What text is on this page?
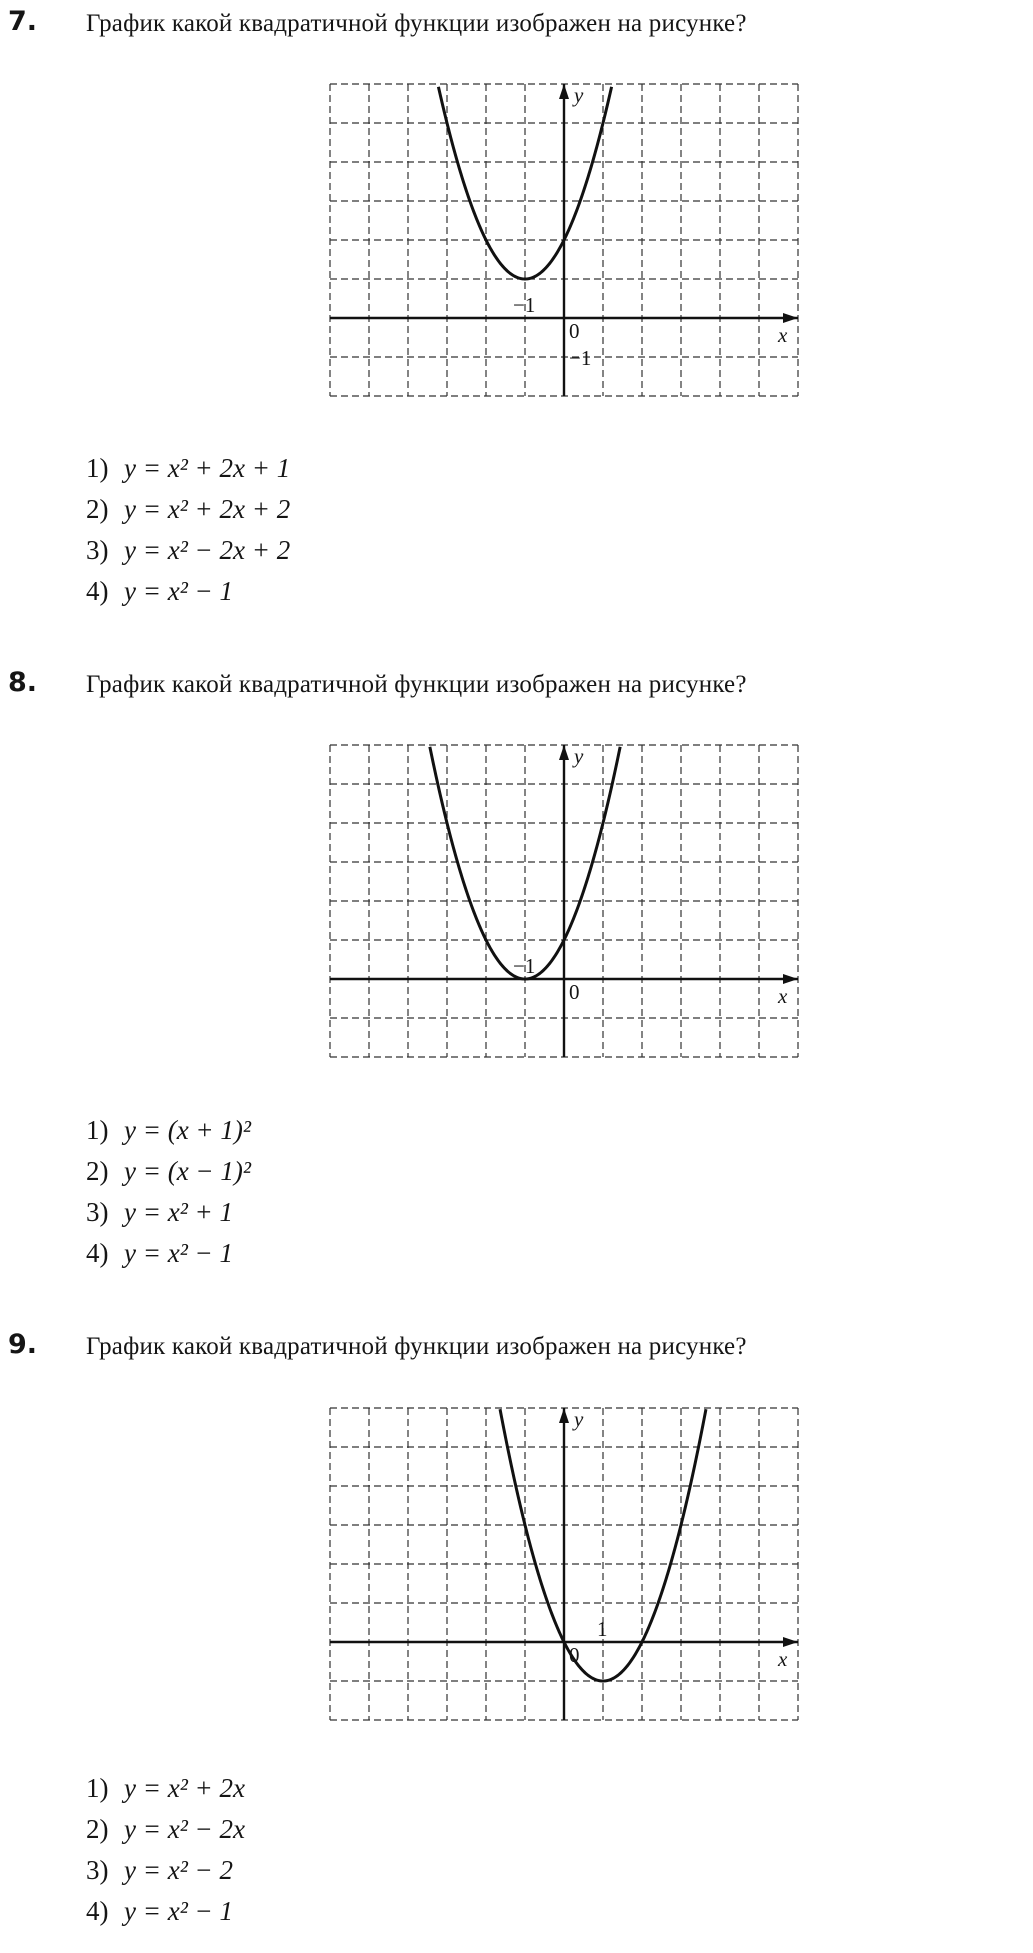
7. График какой квадратичной функции изображен на рисунке?
x
y
−1
0
−1
1) y = x² + 2x + 1
2) y = x² + 2x + 2
3) y = x² − 2x + 2
4) y = x² − 1
8. График какой квадратичной функции изображен на рисунке?
x
y
−1
0
1) y = (x + 1)²
2) y = (x − 1)²
3) y = x² + 1
4) y = x² − 1
9. График какой квадратичной функции изображен на рисунке?
x
y
0
1
1) y = x² + 2x
2) y = x² − 2x
3) y = x² − 2
4) y = x² − 1
